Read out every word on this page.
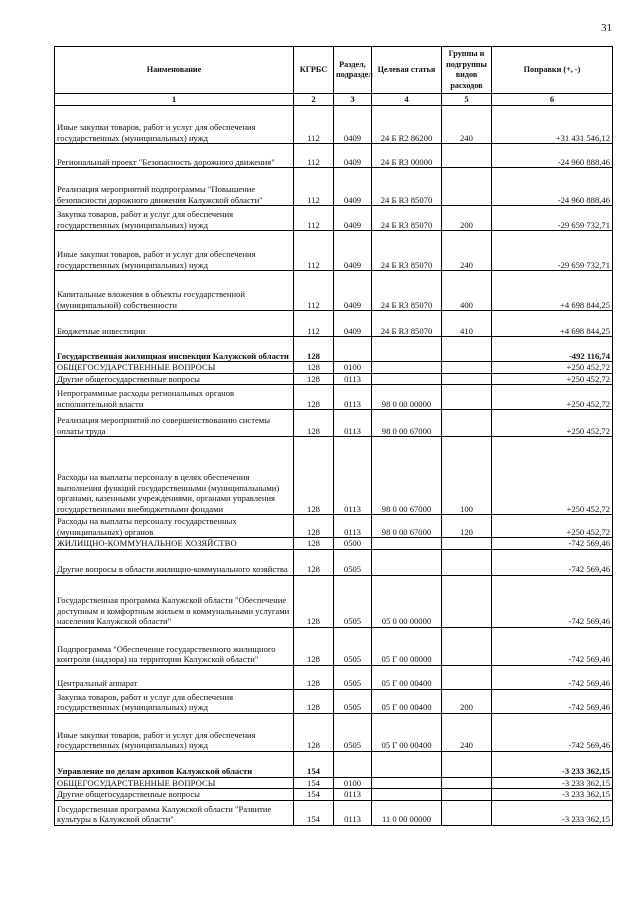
31
Наименование	КГРБС	Раздел, подраздел	Целевая статья	Группы и подгруппы видов расходов	Поправки (+, -)
1	2	3	4	5	6
Иные закупки товаров, работ и услуг для обеспечения государственных (муниципальных) нужд	112	0409	24 Б R2 86200	240	+31 431 546,12
Региональный проект "Безопасность дорожного движения"	112	0409	24 Б R3 00000		-24 960 888,46
Реализация мероприятий подпрограммы "Повышение безопасности дорожного движения Калужской области"	112	0409	24 Б R3 85070		-24 960 888,46
Закупка товаров, работ и услуг для обеспечения государственных (муниципальных) нужд	112	0409	24 Б R3 85070	200	-29 659 732,71
Иные закупки товаров, работ и услуг для обеспечения государственных (муниципальных) нужд	112	0409	24 Б R3 85070	240	-29 659 732,71
Капитальные вложения в объекты государственной (муниципальной) собственности	112	0409	24 Б R3 85070	400	+4 698 844,25
Бюджетные инвестиции	112	0409	24 Б R3 85070	410	+4 698 844,25
Государственная жилищная инспекция Калужской области	128				-492 116,74
ОБЩЕГОСУДАРСТВЕННЫЕ ВОПРОСЫ	128	0100			+250 452,72
Другие общегосударственные вопросы	128	0113			+250 452,72
Непрограммные расходы региональных органов исполнительной власти	128	0113	98 0 00 00000		+250 452,72
Реализация мероприятий по совершенствованию системы оплаты труда	128	0113	98 0 00 67000		+250 452,72
Расходы на выплаты персоналу в целях обеспечения выполнения функций государственными (муниципальными) органами, казенными учреждениями, органами управления государственными внебюджетными фондами	128	0113	98 0 00 67000	100	+250 452,72
Расходы на выплаты персоналу государственных (муниципальных) органов	128	0113	98 0 00 67000	120	+250 452,72
ЖИЛИЩНО-КОММУНАЛЬНОЕ ХОЗЯЙСТВО	128	0500			-742 569,46
Другие вопросы в области жилищно-коммунального хозяйства	128	0505			-742 569,46
Государственная программа Калужской области "Обеспечение доступным и комфортным жильем и коммунальными услугами населения Калужской области"	128	0505	05 0 00 00000		-742 569,46
Подпрограмма "Обеспечение государственного жилищного контроля (надзора) на территории Калужской области"	128	0505	05 Г 00 00000		-742 569,46
Центральный аппарат	128	0505	05 Г 00 00400		-742 569,46
Закупка товаров, работ и услуг для обеспечения государственных (муниципальных) нужд	128	0505	05 Г 00 00400	200	-742 569,46
Иные закупки товаров, работ и услуг для обеспечения государственных (муниципальных) нужд	128	0505	05 Г 00 00400	240	-742 569,46
Управление по делам архивов Калужской области	154				-3 233 362,15
ОБЩЕГОСУДАРСТВЕННЫЕ ВОПРОСЫ	154	0100			-3 233 362,15
Другие общегосударственные вопросы	154	0113			-3 233 362,15
Государственная программа Калужской области "Развитие культуры в Калужской области"	154	0113	11 0 00 00000		-3 233 362,15
